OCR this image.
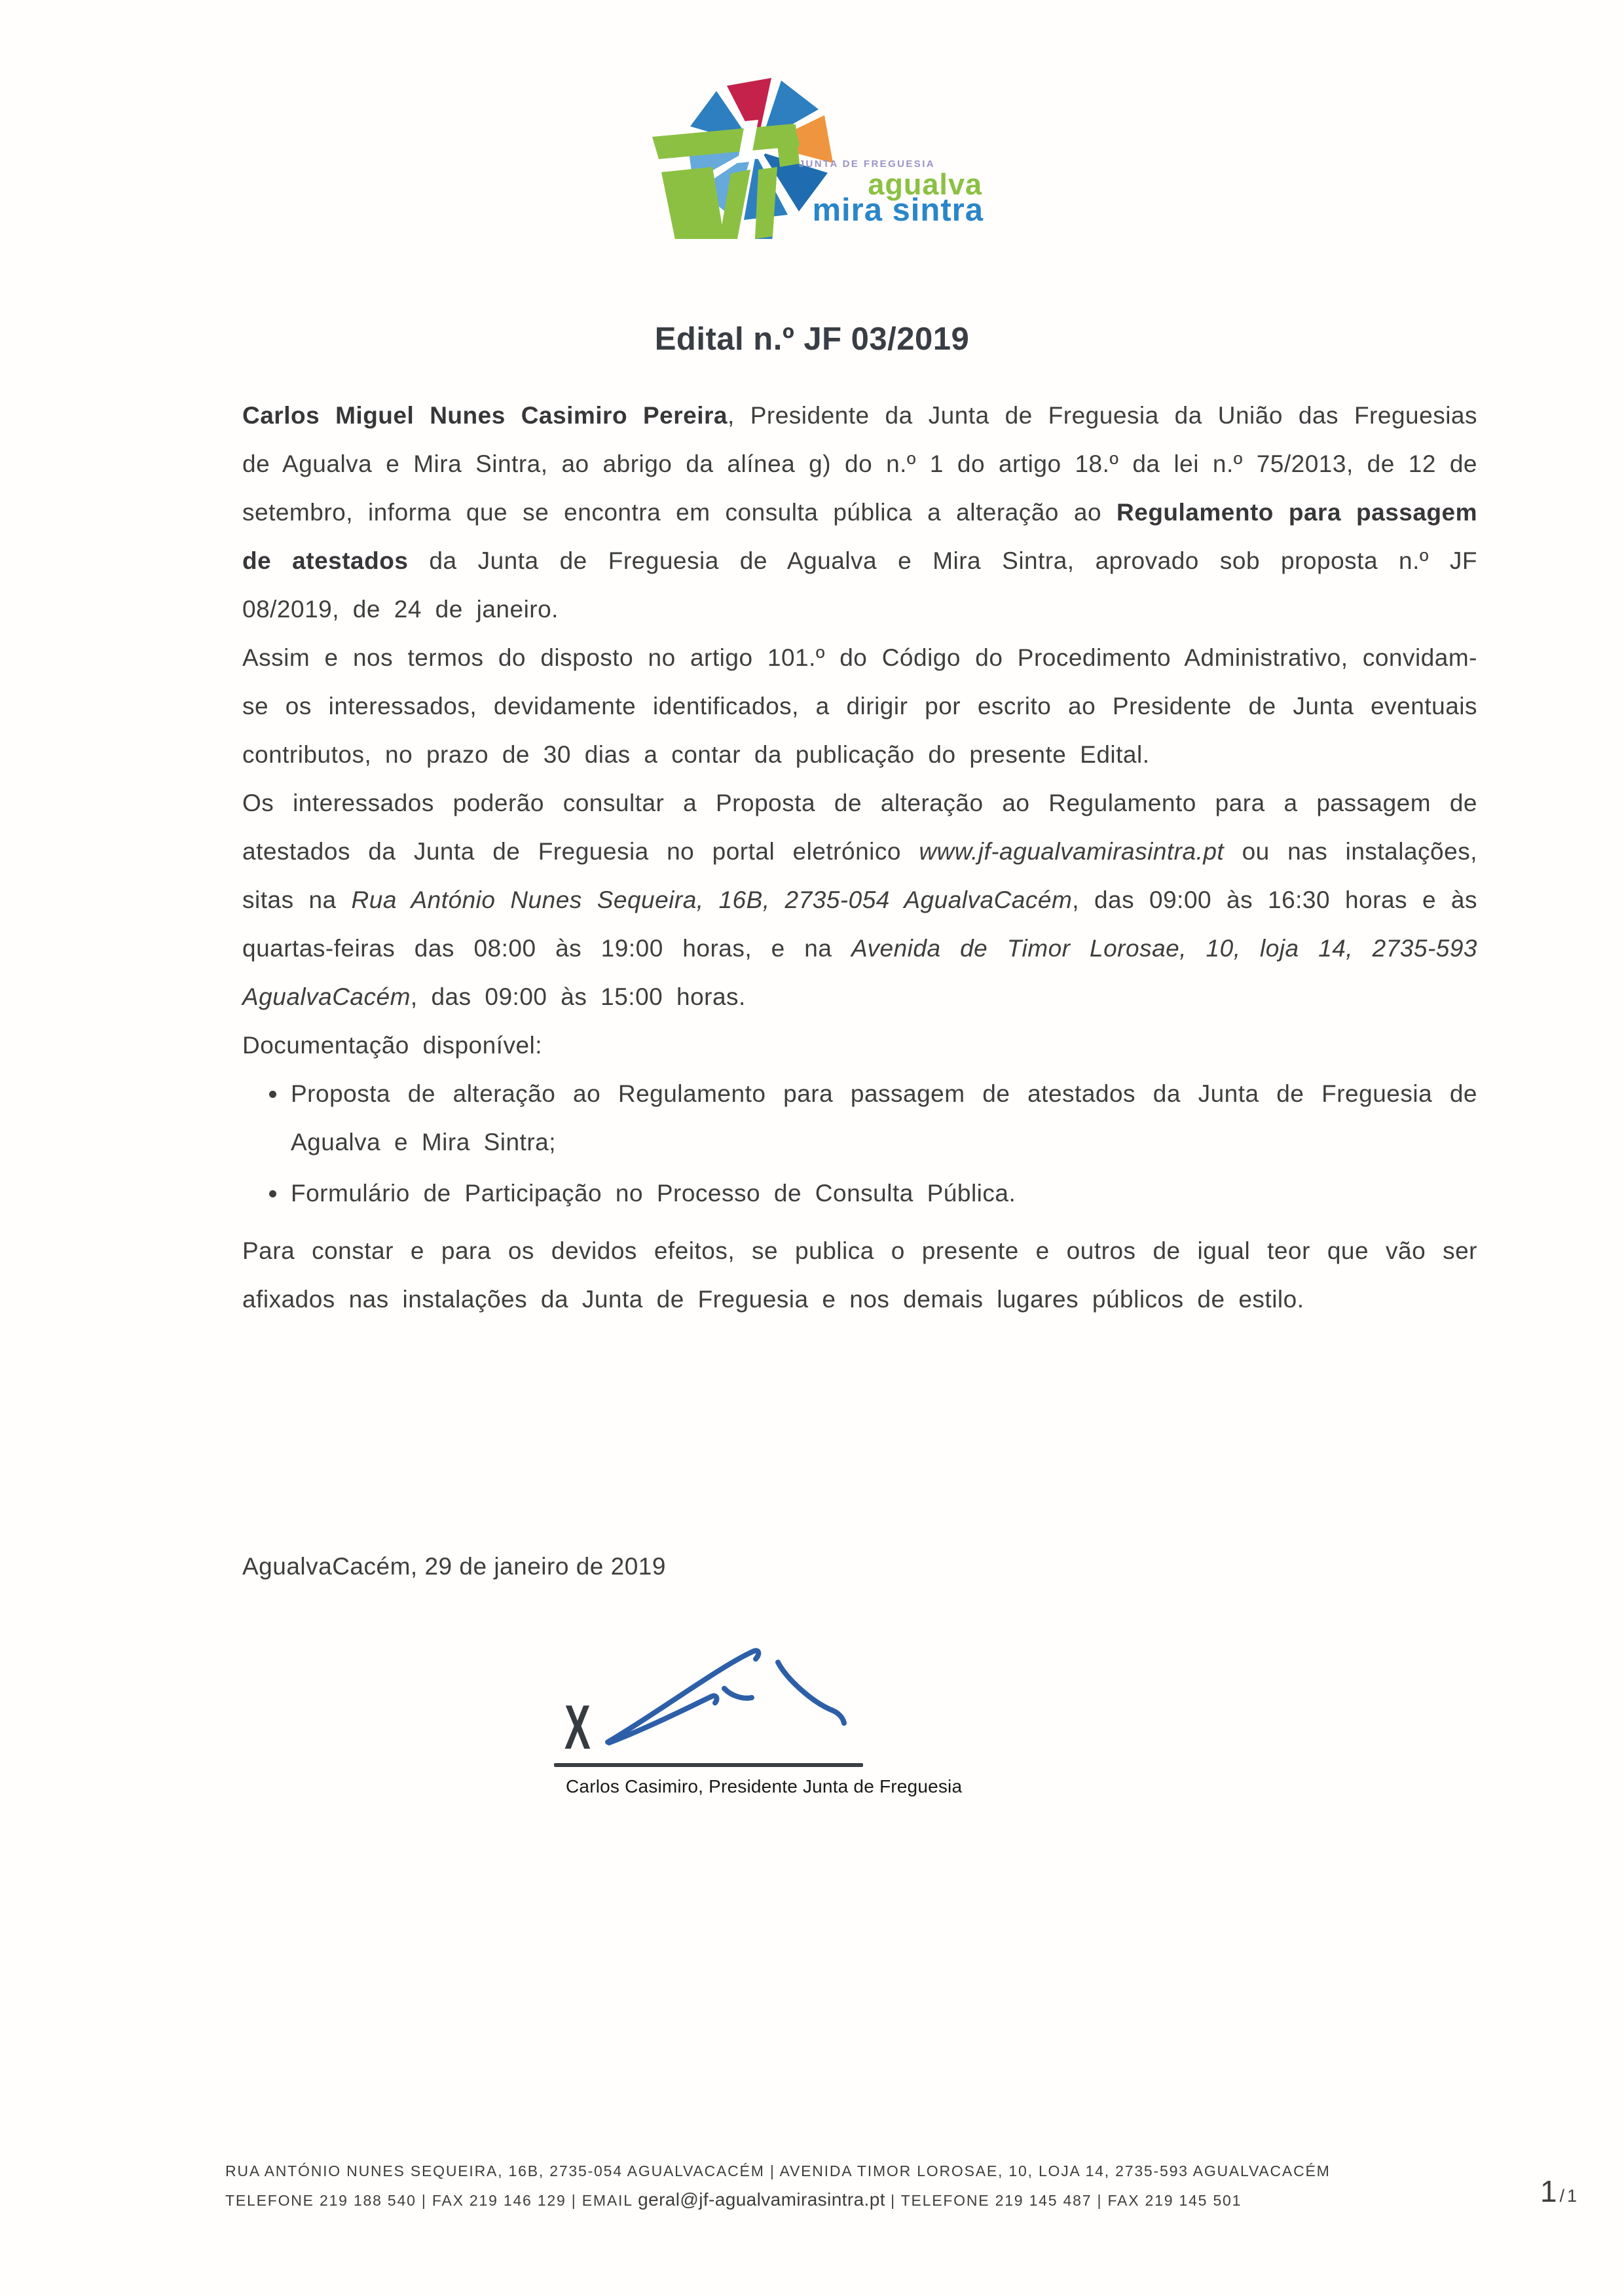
JUNTA DE FREGUESIA
agualva
mira sintra
Edital n.º JF 03/2019

Carlos Miguel Nunes Casimiro Pereira, Presidente da Junta de Freguesia da União das Freguesias de Agualva e Mira Sintra, ao abrigo da alínea g) do n.º 1 do artigo 18.º da lei n.º 75/2013, de 12 de setembro, informa que se encontra em consulta pública a alteração ao Regulamento para passagem de atestados da Junta de Freguesia de Agualva e Mira Sintra, aprovado sob proposta n.º JF 08/2019, de 24 de janeiro.

Assim e nos termos do disposto no artigo 101.º do Código do Procedimento Administrativo, convidam-se os interessados, devidamente identificados, a dirigir por escrito ao Presidente de Junta eventuais contributos, no prazo de 30 dias a contar da publicação do presente Edital.

Os interessados poderão consultar a Proposta de alteração ao Regulamento para a passagem de atestados da Junta de Freguesia no portal eletrónico www.jf-agualvamirasintra.pt ou nas instalações, sitas na Rua António Nunes Sequeira, 16B, 2735-054 AgualvaCacém, das 09:00 às 16:30 horas e às quartas-feiras das 08:00 às 19:00 horas, e na Avenida de Timor Lorosae, 10, loja 14, 2735-593 AgualvaCacém, das 09:00 às 15:00 horas.

Documentação disponível:

• Proposta de alteração ao Regulamento para passagem de atestados da Junta de Freguesia de Agualva e Mira Sintra;
• Formulário de Participação no Processo de Consulta Pública.

Para constar e para os devidos efeitos, se publica o presente e outros de igual teor que vão ser afixados nas instalações da Junta de Freguesia e nos demais lugares públicos de estilo.

AgualvaCacém, 29 de janeiro de 2019
X
Carlos Casimiro, Presidente Junta de Freguesia
RUA ANTÓNIO NUNES SEQUEIRA, 16B, 2735-054 AGUALVACACÉM | AVENIDA TIMOR LOROSAE, 10, LOJA 14, 2735-593 AGUALVACACÉM
TELEFONE 219 188 540 | FAX 219 146 129 | EMAIL geral@jf-agualvamirasintra.pt | TELEFONE 219 145 487 | FAX 219 145 501	1 / 1
